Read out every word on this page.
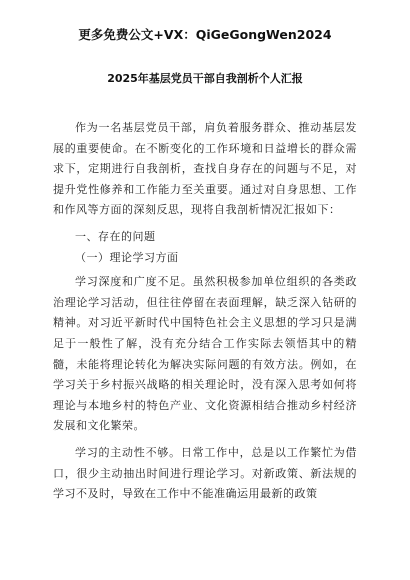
更多免费公文+VX：QiGeGongWen2024
2025年基层党员干部自我剖析个人汇报

作为一名基层党员干部，肩负着服务群众、推动基层发展的重要使命。在不断变化的工作环境和日益增长的群众需求下，定期进行自我剖析，查找自身存在的问题与不足，对提升党性修养和工作能力至关重要。通过对自身思想、工作和作风等方面的深刻反思，现将自我剖析情况汇报如下：

一、存在的问题

（一）理论学习方面

学习深度和广度不足。虽然积极参加单位组织的各类政治理论学习活动，但往往停留在表面理解，缺乏深入钻研的精神。对习近平新时代中国特色社会主义思想的学习只是满足于一般性了解，没有充分结合工作实际去领悟其中的精髓，未能将理论转化为解决实际问题的有效方法。例如，在学习关于乡村振兴战略的相关理论时，没有深入思考如何将理论与本地乡村的特色产业、文化资源相结合推动乡村经济发展和文化繁荣。

学习的主动性不够。日常工作中，总是以工作繁忙为借口，很少主动抽出时间进行理论学习。对新政策、新法规的学习不及时，导致在工作中不能准确运用最新的政策
